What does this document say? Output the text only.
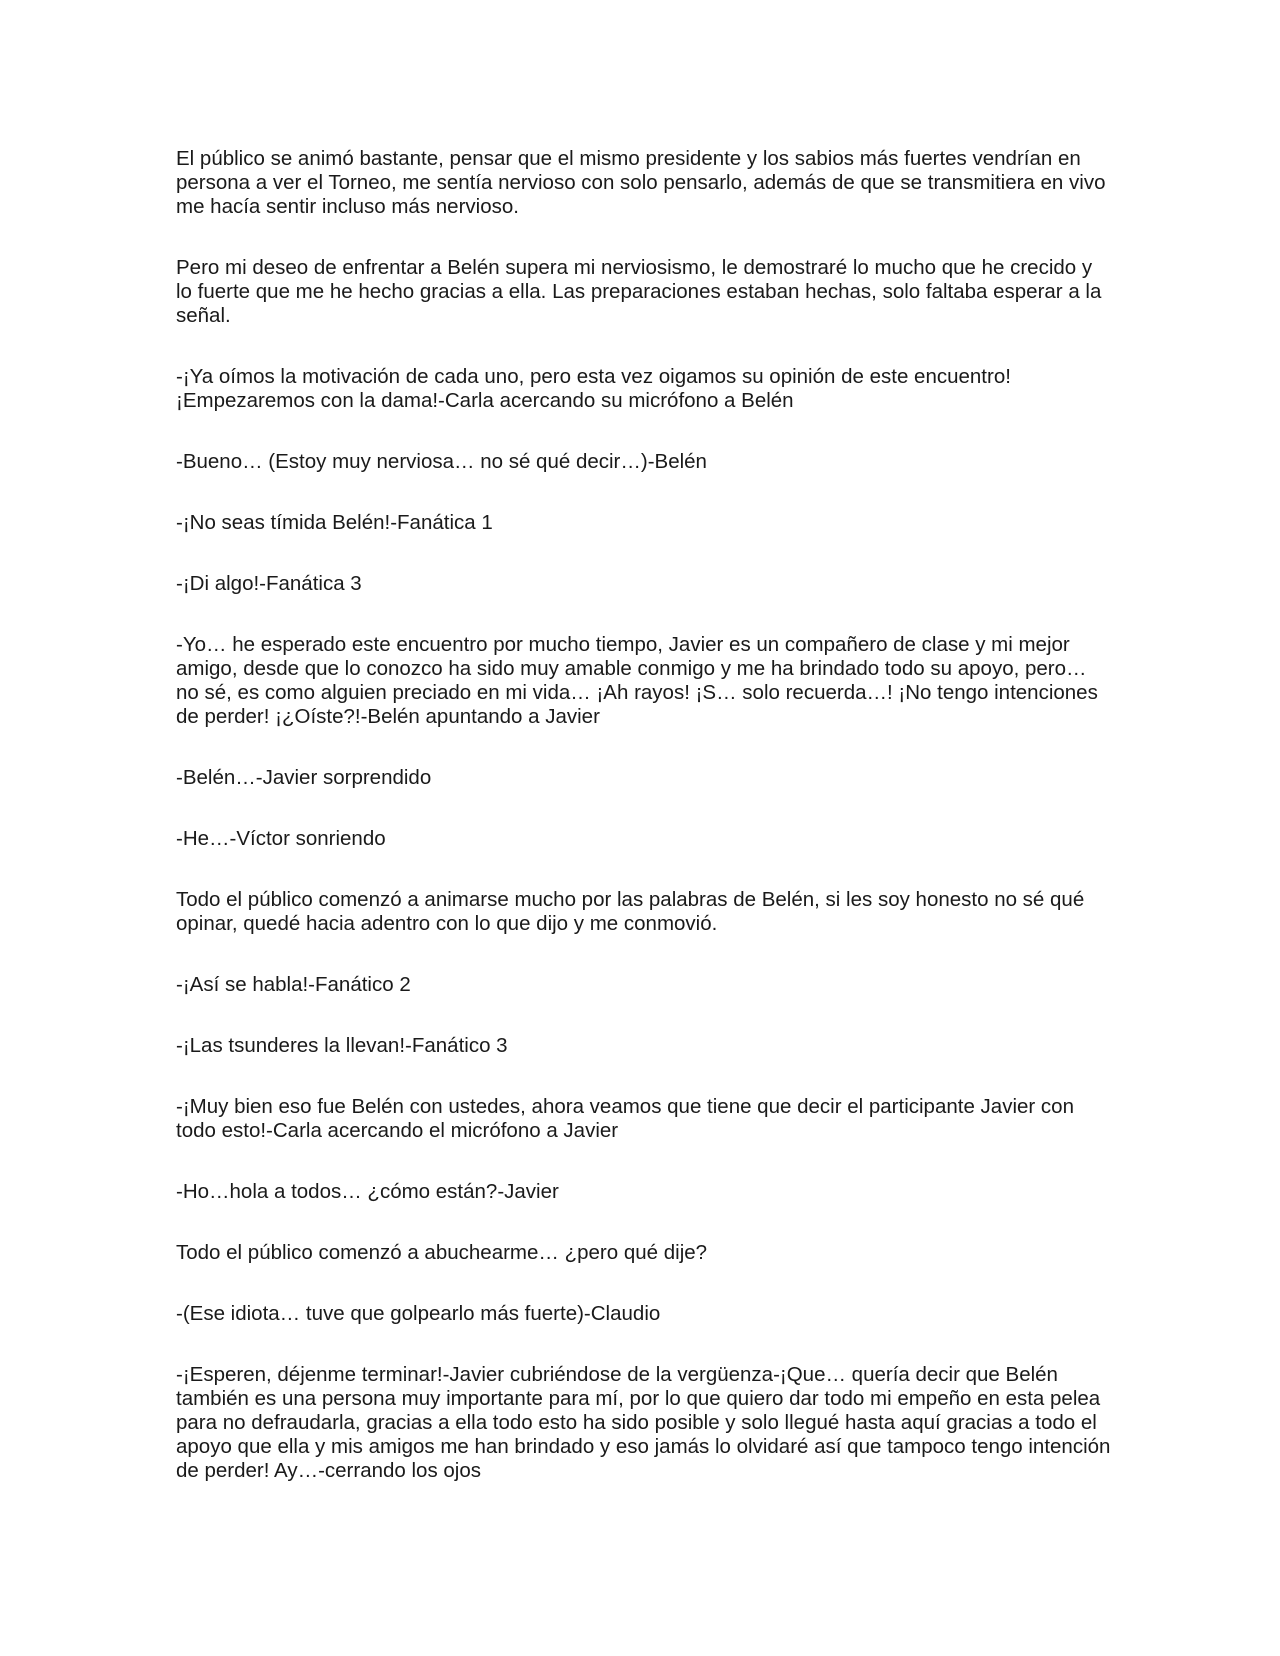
El público se animó bastante, pensar que el mismo presidente y los sabios más fuertes vendrían en persona a ver el Torneo, me sentía nervioso con solo pensarlo, además de que se transmitiera en vivo me hacía sentir incluso más nervioso.

Pero mi deseo de enfrentar a Belén supera mi nerviosismo, le demostraré lo mucho que he crecido y lo fuerte que me he hecho gracias a ella. Las preparaciones estaban hechas, solo faltaba esperar a la señal.

-¡Ya oímos la motivación de cada uno, pero esta vez oigamos su opinión de este encuentro! ¡Empezaremos con la dama!-Carla acercando su micrófono a Belén

-Bueno… (Estoy muy nerviosa… no sé qué decir…)-Belén

-¡No seas tímida Belén!-Fanática 1

-¡Di algo!-Fanática 3

-Yo… he esperado este encuentro por mucho tiempo, Javier es un compañero de clase y mi mejor amigo, desde que lo conozco ha sido muy amable conmigo y me ha brindado todo su apoyo, pero… no sé, es como alguien preciado en mi vida… ¡Ah rayos! ¡S… solo recuerda…! ¡No tengo intenciones de perder! ¡¿Oíste?!-Belén apuntando a Javier

-Belén…-Javier sorprendido

-He…-Víctor sonriendo

Todo el público comenzó a animarse mucho por las palabras de Belén, si les soy honesto no sé qué opinar, quedé hacia adentro con lo que dijo y me conmovió.

-¡Así se habla!-Fanático 2

-¡Las tsunderes la llevan!-Fanático 3

-¡Muy bien eso fue Belén con ustedes, ahora veamos que tiene que decir el participante Javier con todo esto!-Carla acercando el micrófono a Javier

-Ho…hola a todos… ¿cómo están?-Javier

Todo el público comenzó a abuchearme… ¿pero qué dije?

-(Ese idiota… tuve que golpearlo más fuerte)-Claudio

-¡Esperen, déjenme terminar!-Javier cubriéndose de la vergüenza-¡Que… quería decir que Belén también es una persona muy importante para mí, por lo que quiero dar todo mi empeño en esta pelea para no defraudarla, gracias a ella todo esto ha sido posible y solo llegué hasta aquí gracias a todo el apoyo que ella y mis amigos me han brindado y eso jamás lo olvidaré así que tampoco tengo intención de perder! Ay…-cerrando los ojos
